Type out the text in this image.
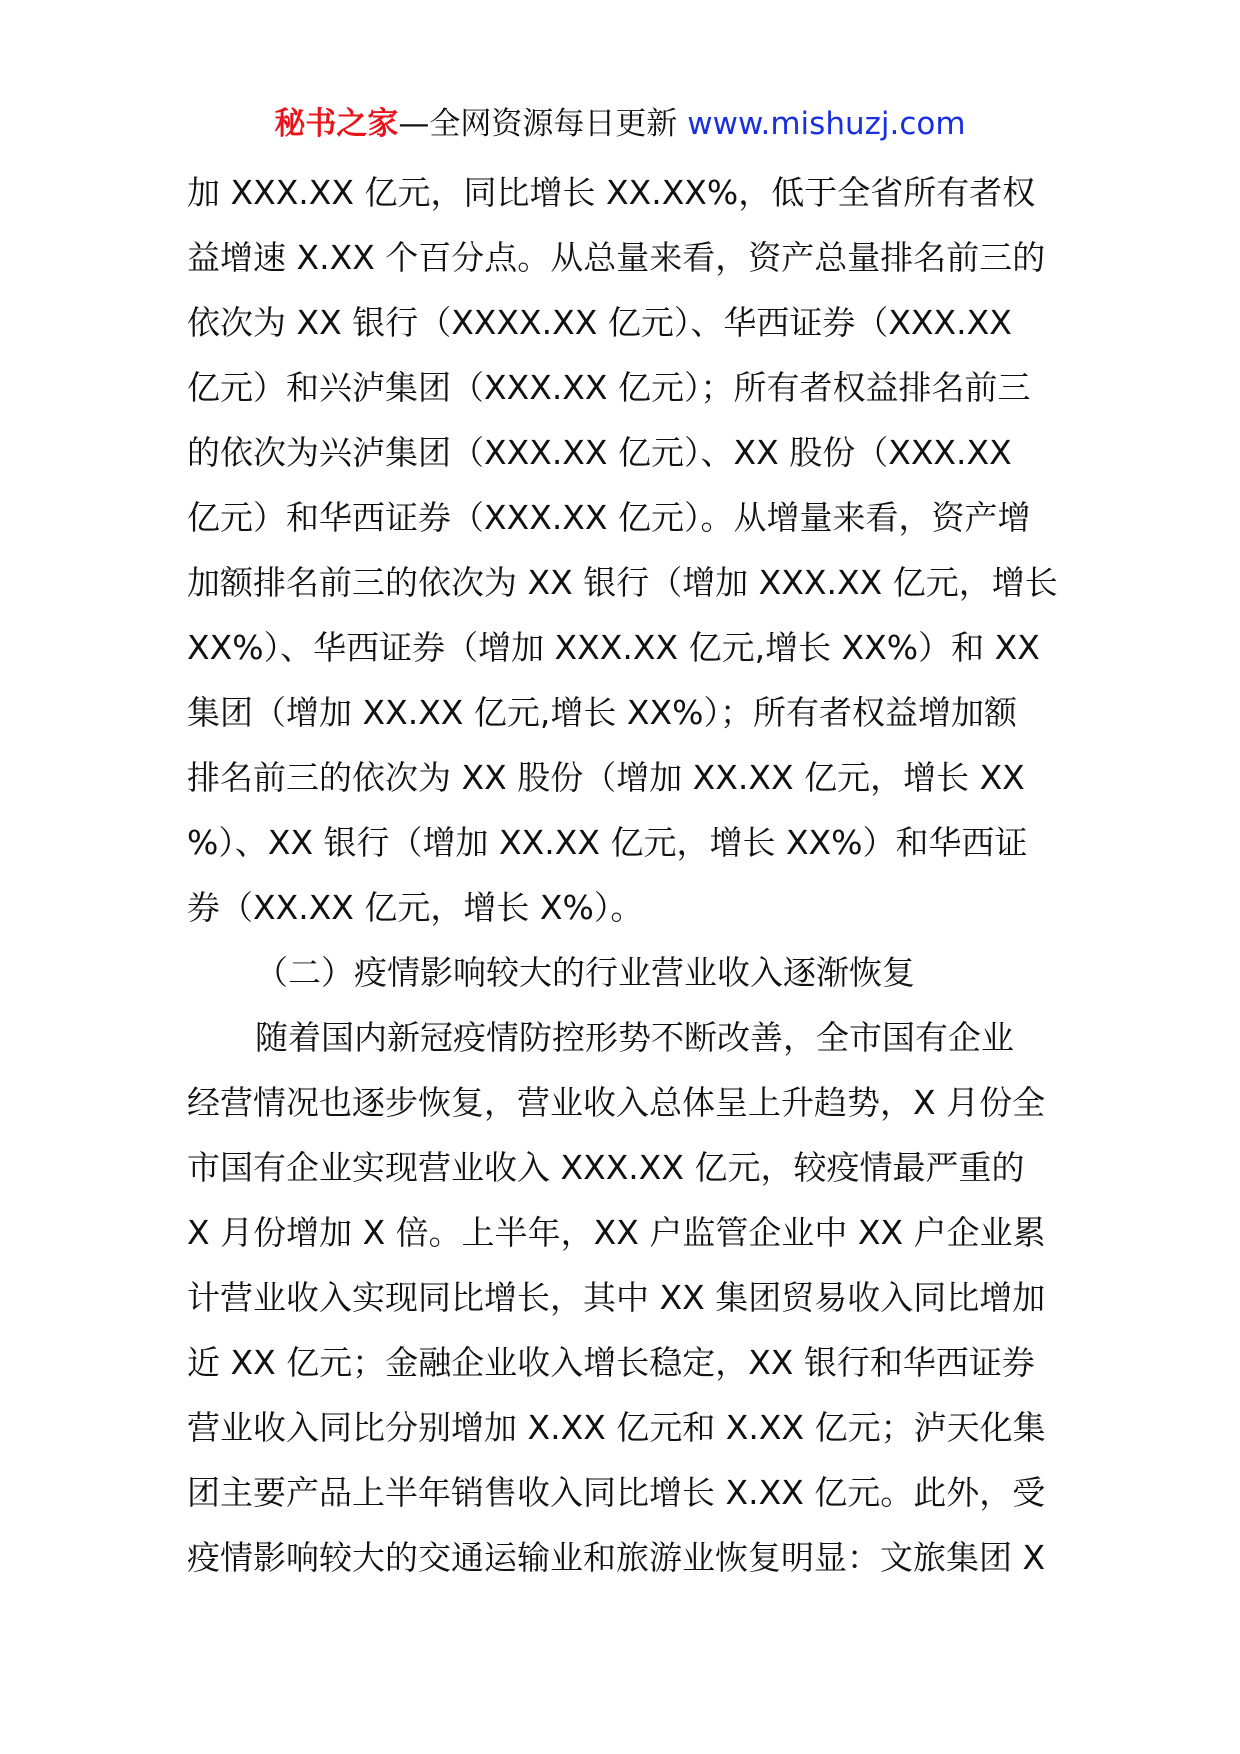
秘书之家—全网资源每日更新 www.mishuzj.com
加 XXX.XX 亿元，同比增长 XX.XX%，低于全省所有者权
益增速 X.XX 个百分点。从总量来看，资产总量排名前三的
依次为 XX 银行（XXXX.XX 亿元）、华西证券（XXX.XX
亿元）和兴泸集团（XXX.XX 亿元）；所有者权益排名前三
的依次为兴泸集团（XXX.XX 亿元）、XX 股份（XXX.XX
亿元）和华西证券（XXX.XX 亿元）。从增量来看，资产增
加额排名前三的依次为 XX 银行（增加 XXX.XX 亿元，增长
XX%）、华西证券（增加 XXX.XX 亿元,增长 XX%）和 XX
集团（增加 XX.XX 亿元,增长 XX%）；所有者权益增加额
排名前三的依次为 XX 股份（增加 XX.XX 亿元，增长 XX
%）、XX 银行（增加 XX.XX 亿元，增长 XX%）和华西证
券（XX.XX 亿元，增长 X%）。
（二）疫情影响较大的行业营业收入逐渐恢复
随着国内新冠疫情防控形势不断改善，全市国有企业
经营情况也逐步恢复，营业收入总体呈上升趋势，X 月份全
市国有企业实现营业收入 XXX.XX 亿元，较疫情最严重的
X 月份增加 X 倍。上半年，XX 户监管企业中 XX 户企业累
计营业收入实现同比增长，其中 XX 集团贸易收入同比增加
近 XX 亿元；金融企业收入增长稳定，XX 银行和华西证券
营业收入同比分别增加 X.XX 亿元和 X.XX 亿元；泸天化集
团主要产品上半年销售收入同比增长 X.XX 亿元。此外，受
疫情影响较大的交通运输业和旅游业恢复明显：文旅集团 X
